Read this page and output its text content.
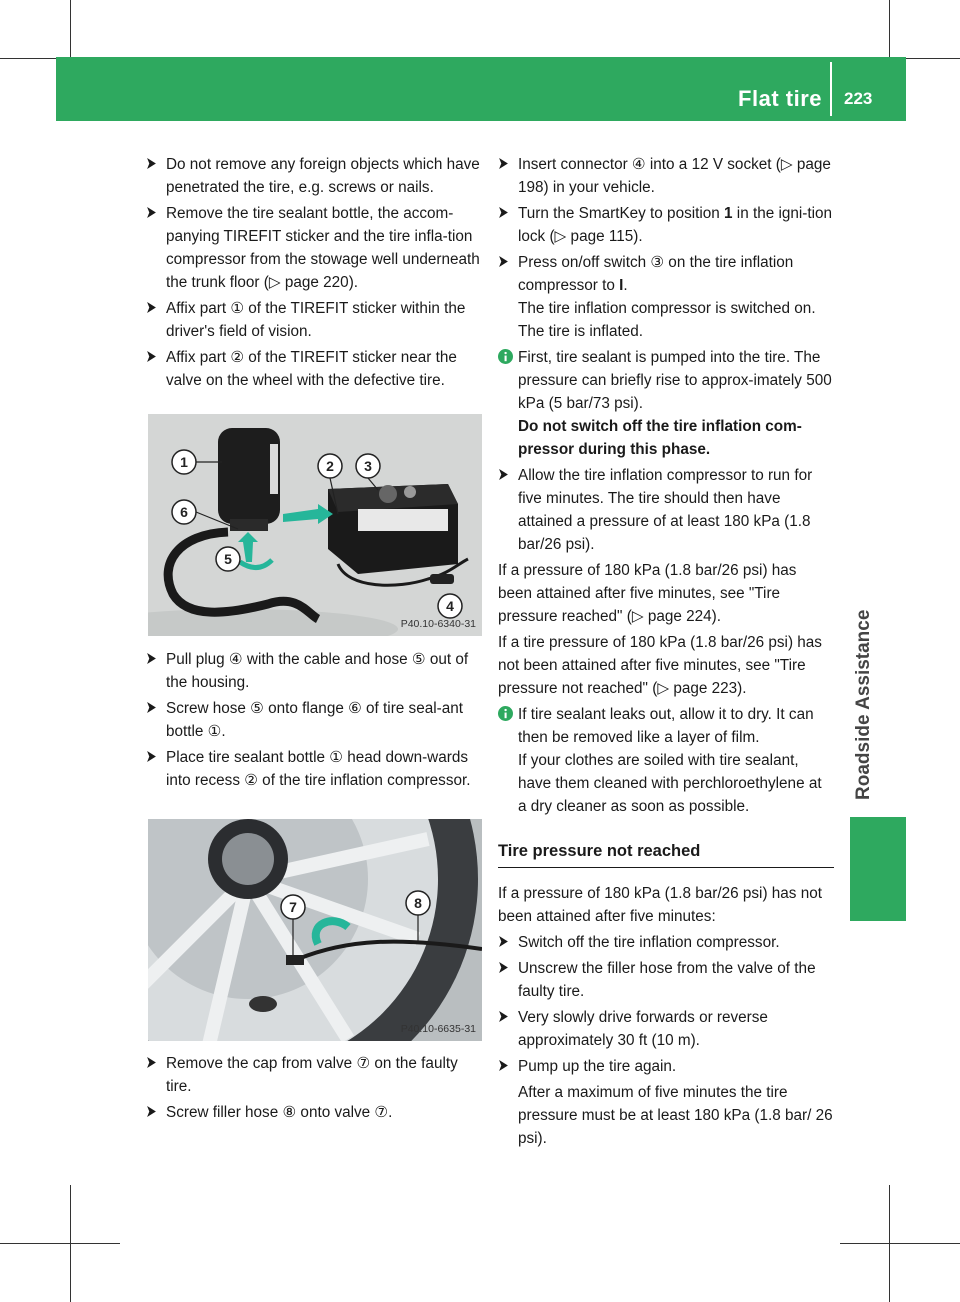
Flat tire 223
Roadside Assistance
Do not remove any foreign objects which have penetrated the tire, e.g. screws or nails.
Remove the tire sealant bottle, the accom-panying TIREFIT sticker and the tire infla-tion compressor from the stowage well underneath the trunk floor (▷ page 220).
Affix part ① of the TIREFIT sticker within the driver's field of vision.
Affix part ② of the TIREFIT sticker near the valve on the wheel with the defective tire.
1	2 3
4
5
6
P40.10-6340-31
Pull plug ④ with the cable and hose ⑤ out of the housing.
Screw hose ⑤ onto flange ⑥ of tire seal-ant bottle ①.
Place tire sealant bottle ① head down-wards into recess ② of the tire inflation compressor.
7	8
P40.10-6635-31
Remove the cap from valve ⑦ on the faulty tire.
Screw filler hose ⑧ onto valve ⑦.
Insert connector ④ into a 12 V socket (▷ page 198) in your vehicle.
Turn the SmartKey to position 1 in the igni-tion lock (▷ page 115).
Press on/off switch ③ on the tire inflation compressor to I.
The tire inflation compressor is switched on. The tire is inflated.
First, tire sealant is pumped into the tire. The pressure can briefly rise to approx-imately 500 kPa (5 bar/73 psi).
Do not switch off the tire inflation com-pressor during this phase.
Allow the tire inflation compressor to run for five minutes. The tire should then have attained a pressure of at least 180 kPa (1.8 bar/26 psi).
If a pressure of 180 kPa (1.8 bar/26 psi) has been attained after five minutes, see "Tire pressure reached" (▷ page 224).
If a tire pressure of 180 kPa (1.8 bar/26 psi) has not been attained after five minutes, see "Tire pressure not reached" (▷ page 223).
If tire sealant leaks out, allow it to dry. It can then be removed like a layer of film.
If your clothes are soiled with tire sealant, have them cleaned with perchloroethylene at a dry cleaner as soon as possible.
Tire pressure not reached
If a pressure of 180 kPa (1.8 bar/26 psi) has not been attained after five minutes:
Switch off the tire inflation compressor.
Unscrew the filler hose from the valve of the faulty tire.
Very slowly drive forwards or reverse approximately 30 ft (10 m).
Pump up the tire again.
After a maximum of five minutes the tire pressure must be at least 180 kPa (1.8 bar/ 26 psi).
